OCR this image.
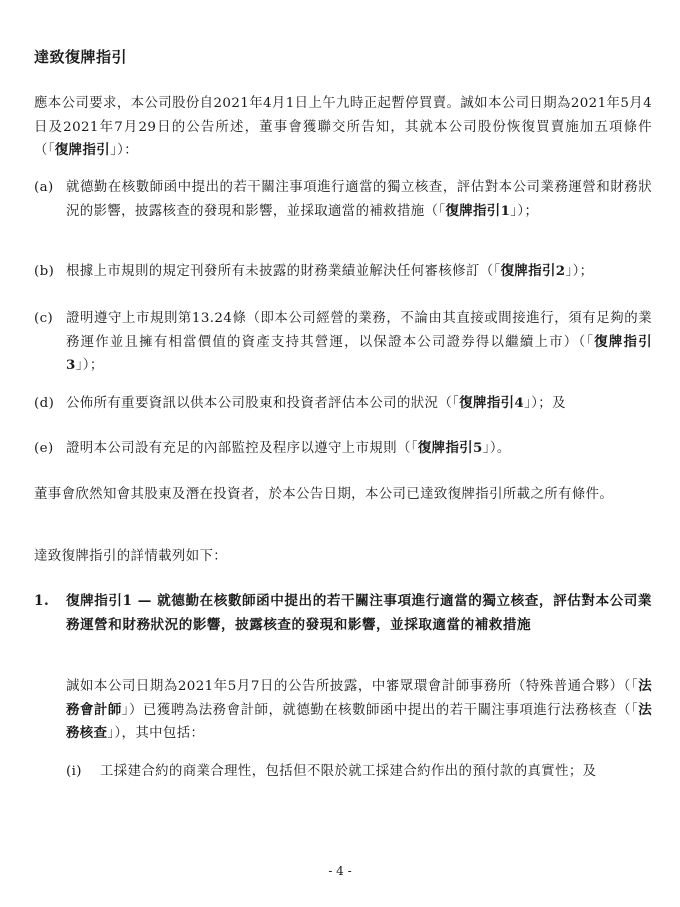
達致復牌指引
應本公司要求，本公司股份自2021年4月1日上午九時正起暫停買賣。誠如本公司日期為2021年5月4日及2021年7月29日的公告所述，董事會獲聯交所告知，其就本公司股份恢復買賣施加五項條件（「復牌指引」）：
(a) 就德勤在核數師函中提出的若干關注事項進行適當的獨立核查，評估對本公司業務運營和財務狀況的影響，披露核查的發現和影響，並採取適當的補救措施（「復牌指引1」）；
(b) 根據上市規則的規定刊發所有未披露的財務業績並解決任何審核修訂（「復牌指引2」）；
(c) 證明遵守上市規則第13.24條（即本公司經營的業務，不論由其直接或間接進行，須有足夠的業務運作並且擁有相當價值的資產支持其營運，以保證本公司證券得以繼續上市）（「復牌指引3」）；
(d) 公佈所有重要資訊以供本公司股東和投資者評估本公司的狀況（「復牌指引4」）；及
(e) 證明本公司設有充足的內部監控及程序以遵守上市規則（「復牌指引5」）。
董事會欣然知會其股東及潛在投資者，於本公告日期，本公司已達致復牌指引所載之所有條件。
達致復牌指引的詳情載列如下：
1. 復牌指引1 — 就德勤在核數師函中提出的若干關注事項進行適當的獨立核查，評估對本公司業務運營和財務狀況的影響，披露核查的發現和影響，並採取適當的補救措施
誠如本公司日期為2021年5月7日的公告所披露，中審眾環會計師事務所（特殊普通合夥）（「法務會計師」）已獲聘為法務會計師，就德勤在核數師函中提出的若干關注事項進行法務核查（「法務核查」），其中包括：
(i) 工採建合約的商業合理性，包括但不限於就工採建合約作出的預付款的真實性；及
- 4 -
